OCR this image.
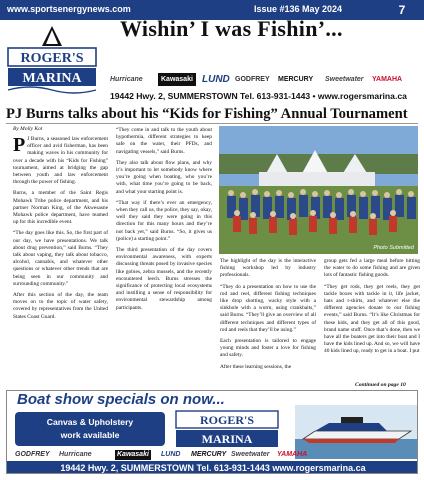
www.sportsenergynews.com	Issue #136 May 2024	7
ROGER'S
MARINA
Wishin’ I was Fishin’...
Hurricane	Kawasaki LUND GODFREY MERCURY Sweetwater YAMAHA
19442 Hwy. 2, SUMMERSTOWN Tel. 613-931-1443 • www.rogersmarina.ca
PJ Burns talks about his “Kids for Fishing” Annual Tournament
By Molly Kot

P J Burns, a seasoned law enforcement officer and avid fisherman, has been making waves in his community for over a decade with his “Kids for Fishing” tournament, aimed at bridging the gap between youth and law enforcement through the power of fishing.

Burns, a member of the Saint Regis Mohawk Tribe police department, and his partner Norman King, of the Akwesasne Mohawk police department, have teamed up for this incredible event.

“The day goes like this. So, the first part of our day, we have presentations. We talk about drug prevention,” said Burns. “They talk about vaping, they talk about tobacco, alcohol, cannabis, and whatever other questions or whatever other trends that are being seen in our community and surrounding community.”

After this section of the day, the team moves on to the topic of water safety, covered by representatives from the United States Coast Guard.

“They come in and talk to the youth about hypothermia, different strategies to keep safe on the water, their PFDs, and navigating vessels,” said Burns.

They also talk about flow plans, and why it’s important to let somebody know where you’re going when boating, who you’re with, what time you’re going to be back, and what your starting point is.

“That way if there’s ever an emergency, when they call us, the police, they say, okay, well they said they were going in this direction for this many hours and they’re not back yet,” said Burns. “So, it gives us (police) a starting point.”

The third presentation of the day covers environmental awareness, with experts discussing threats posed by invasive species like gobies, zebra mussels, and the recently encountered leech. Burns stresses the significance of protecting local ecosystems and instilling a sense of responsibility for environmental stewardship among participants.

Photo Submitted

The highlight of the day is the interactive fishing workshop led by industry professionals.

“They do a presentation on how to use the rod and reel, different fishing techniques like drop shotting, wacky style with a sinkhole with a worm, using crankbaits,” said Burns. “They’ll give an overview of all different techniques and different types of rod and reels that they’ll be using.”

Each presentation is tailored to engage young minds and foster a love for fishing and safety.

After these learning sessions, the

group gets fed a large meal before hitting the water to do some fishing and are given lots of fantastic fishing goods.

“They get rods, they get reels, they get tackle boxes with tackle in it, life jacket, hats and t-shirts, and whatever else the different agencies donate to our fishing events,” said Burns. “It’s like Christmas for these kids, and they get all of this good, brand name stuff. Once that’s done, then we have all the boaters get into their boat and I have the kids lined up. And so, we will have 40 kids lined up, ready to get in a boat. I put

Continued on page 10
Boat show specials on now...
Canvas & Upholstery
work available
ROGER'S
MARINA
GODFREY Hurricane	Kawasaki LUND MERCURY Sweetwater YAMAHA
19442 Hwy. 2, SUMMERSTOWN Tel. 613-931-1443 www.rogersmarina.ca
